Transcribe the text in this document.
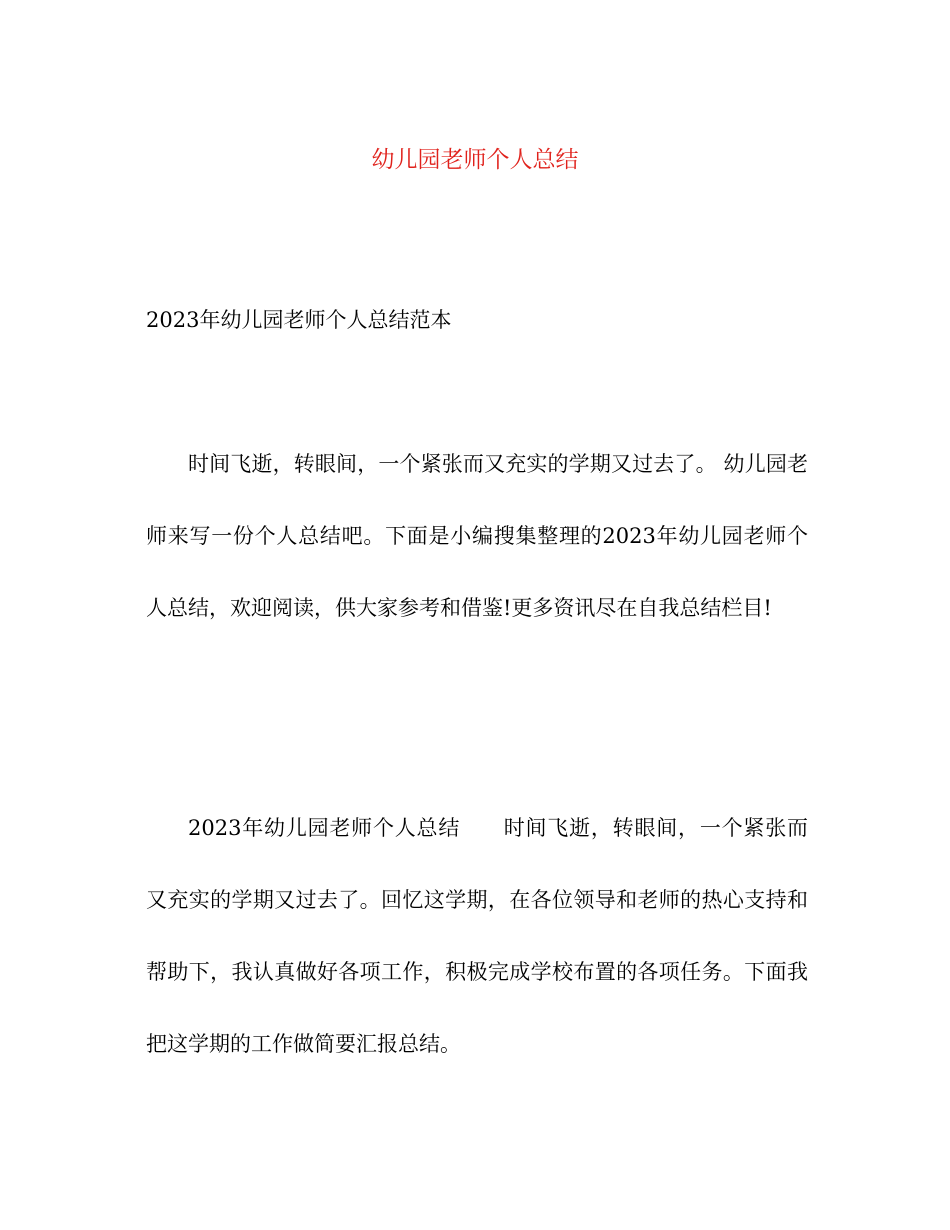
幼儿园老师个人总结

2023年幼儿园老师个人总结范本

时间飞逝，转眼间，一个紧张而又充实的学期又过去了。 幼儿园老师来写一份个人总结吧。下面是小编搜集整理的2023年幼儿园老师个人总结，欢迎阅读，供大家参考和借鉴!更多资讯尽在自我总结栏目!

2023年幼儿园老师个人总结　　时间飞逝，转眼间，一个紧张而又充实的学期又过去了。回忆这学期，在各位领导和老师的热心支持和帮助下，我认真做好各项工作，积极完成学校布置的各项任务。下面我把这学期的工作做简要汇报总结。
